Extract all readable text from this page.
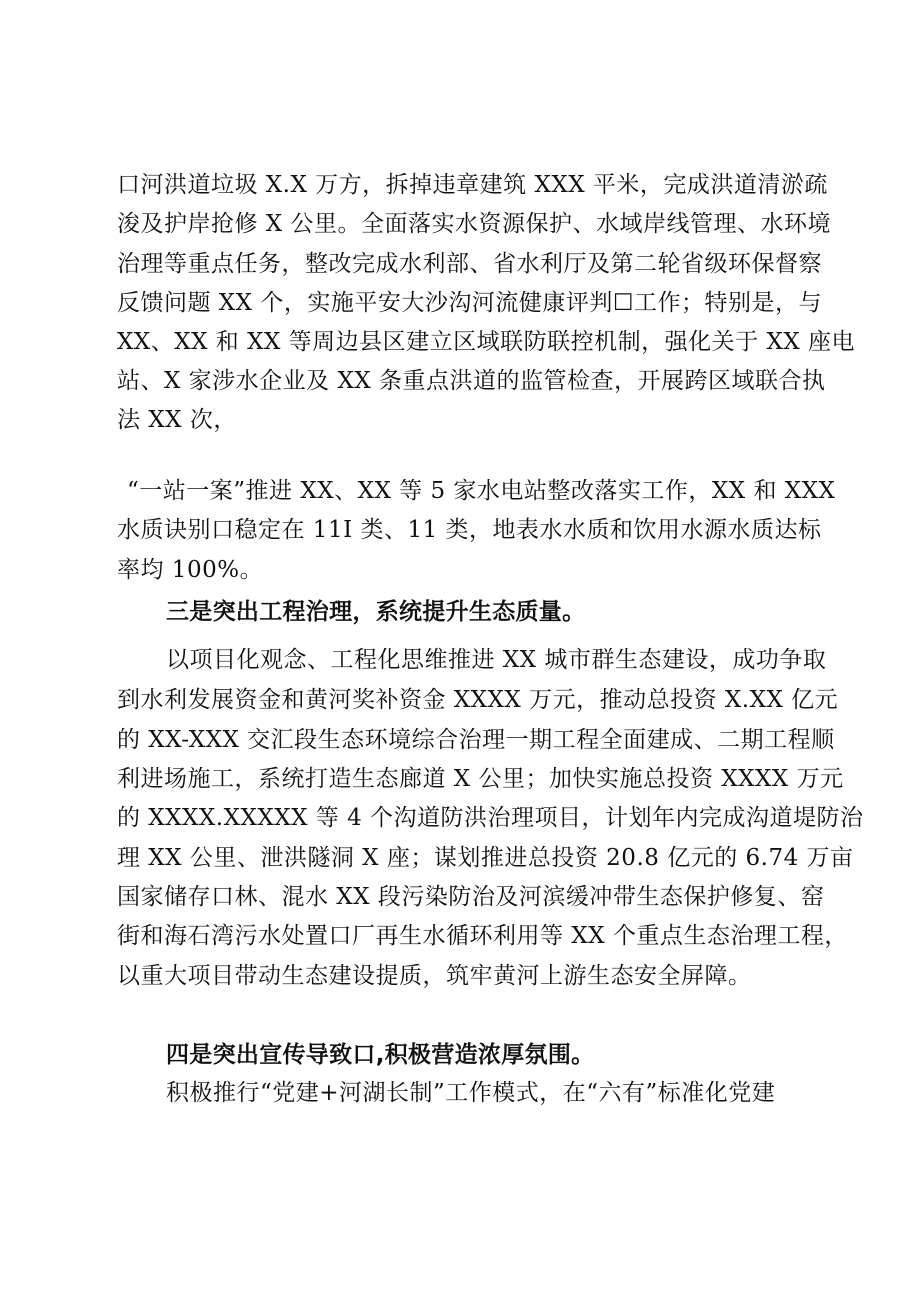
口河洪道垃圾 X.X 万方，拆掉违章建筑 XXX 平米，完成洪道清淤疏
浚及护岸抢修 X 公里。全面落实水资源保护、水域岸线管理、水环境
治理等重点任务，整改完成水利部、省水利厅及第二轮省级环保督察
反馈问题 XX 个，实施平安大沙沟河流健康评判☐工作；特别是，与
XX、XX 和 XX 等周边县区建立区域联防联控机制，强化关于 XX 座电
站、X 家涉水企业及 XX 条重点洪道的监管检查，开展跨区域联合执
法 XX 次，
“一站一案”推进 XX、XX 等 5 家水电站整改落实工作，XX 和 XXX
水质诀别口稳定在 11I 类、11 类，地表水水质和饮用水源水质达标
率均 100%。
三是突出工程治理，系统提升生态质量。
以项目化观念、工程化思维推进 XX 城市群生态建设，成功争取
到水利发展资金和黄河奖补资金 XXXX 万元，推动总投资 X.XX 亿元
的 XX-XXX 交汇段生态环境综合治理一期工程全面建成、二期工程顺
利进场施工，系统打造生态廊道 X 公里；加快实施总投资 XXXX 万元
的 XXXX.XXXXX 等 4 个沟道防洪治理项目，计划年内完成沟道堤防治
理 XX 公里、泄洪隧洞 X 座；谋划推进总投资 20.8 亿元的 6.74 万亩
国家储存口林、混水 XX 段污染防治及河滨缓冲带生态保护修复、窑
街和海石湾污水处置口厂再生水循环利用等 XX 个重点生态治理工程，
以重大项目带动生态建设提质，筑牢黄河上游生态安全屏障。
四是突出宣传导致口,积极营造浓厚氛围。
积极推行“党建+河湖长制”工作模式，在“六有”标准化党建
